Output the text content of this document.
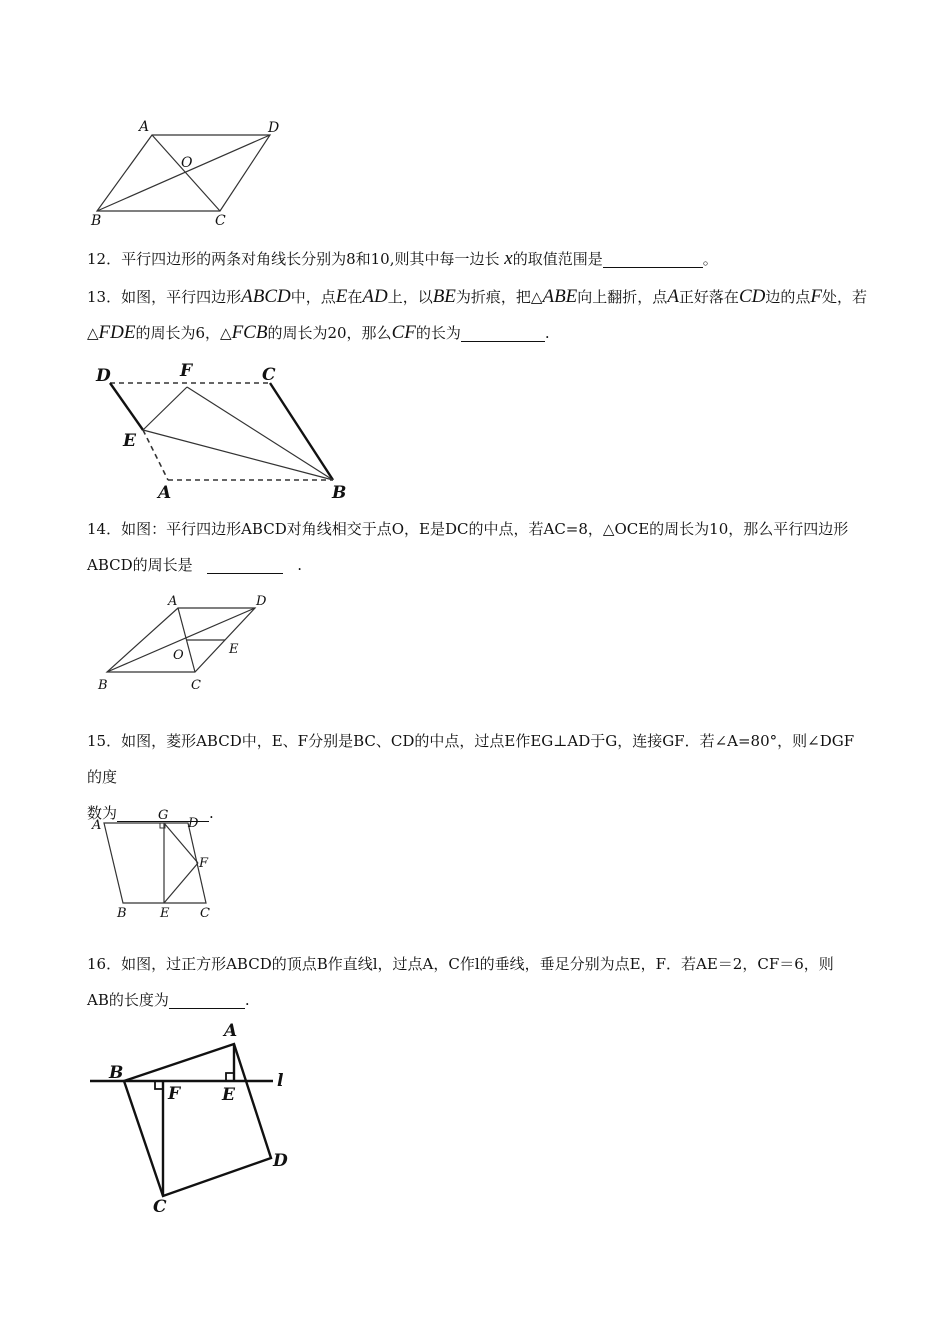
A	D
O
B	C

12．平行四边形的两条对角线长分别为8和10,则其中每一边长 x的取值范围是	。

13．如图，平行四边形ABCD中，点E在AD上，以BE为折痕，把△ABE向上翻折，点A正好落在CD边的点F处，若△FDE的周长为6，△FCB的周长为20，那么CF的长为	.

D	F	C
E
A	B

14．如图：平行四边形ABCD对角线相交于点O，E是DC的中点，若AC=8，△OCE的周长为10，那么平行四边形
ABCD的周长是	.

A	D
O	E
B	C

15．如图，菱形ABCD中，E、F分别是BC、CD的中点，过点E作EG⊥AD于G，连接GF．若∠A=80°，则∠DGF的度
数为	.

A
G
D
F
B	E C

16．如图，过正方形ABCD的顶点B作直线l，过点A，C作l的垂线，垂足分别为点E，F．若AE＝2，CF＝6，则
AB的长度为	.

A
B
F E
l
D
C
